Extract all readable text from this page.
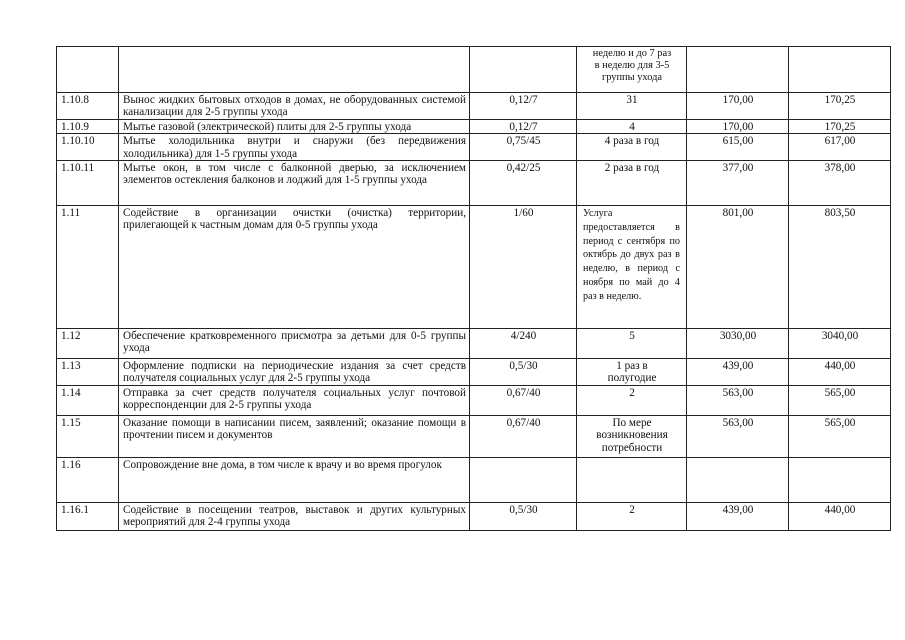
			неделю и до 7 раз
в неделю для 3-5
группы ухода		

1.10.8	Вынос жидких бытовых отходов в домах, не оборудованных системой канализации для 2-5 группы ухода	0,12/7	31	170,00	170,25

1.10.9	Мытье газовой (электрической) плиты для 2-5 группы ухода	0,12/7	4	170,00	170,25

1.10.10	Мытье холодильника внутри и снаружи (без передвижения холодильника) для 1-5 группы ухода	0,75/45	4 раза в год	615,00	617,00

1.10.11	Мытье окон, в том числе с балконной дверью, за исключением элементов остекления балконов и лоджий для 1-5 группы ухода	0,42/25	2 раза в год	377,00	378,00

1.11	Содействие в организации очистки (очистка) территории, прилегающей к частным домам для 0-5 группы ухода	1/60	Услуга предоставляется в период с сентября по октябрь до двух раз в неделю, в период с ноября по май до 4 раз в неделю.	801,00	803,50

1.12	Обеспечение кратковременного присмотра за детьми для 0-5 группы ухода	4/240	5	3030,00	3040,00

1.13	Оформление подписки на периодические издания за счет средств получателя социальных услуг для 2-5 группы ухода	0,5/30	1 раз в
полугодие	439,00	440,00

1.14	Отправка за счет средств получателя социальных услуг почтовой корреспонденции для 2-5 группы ухода	0,67/40	2	563,00	565,00

1.15	Оказание помощи в написании писем, заявлений; оказание помощи в прочтении писем и документов	0,67/40	По мере
возникновения
потребности	563,00	565,00

1.16	Сопровождение вне дома, в том числе к врачу и во время прогулок				

1.16.1	Содействие в посещении театров, выставок и других культурных мероприятий для 2-4 группы ухода	0,5/30	2	439,00	440,00
